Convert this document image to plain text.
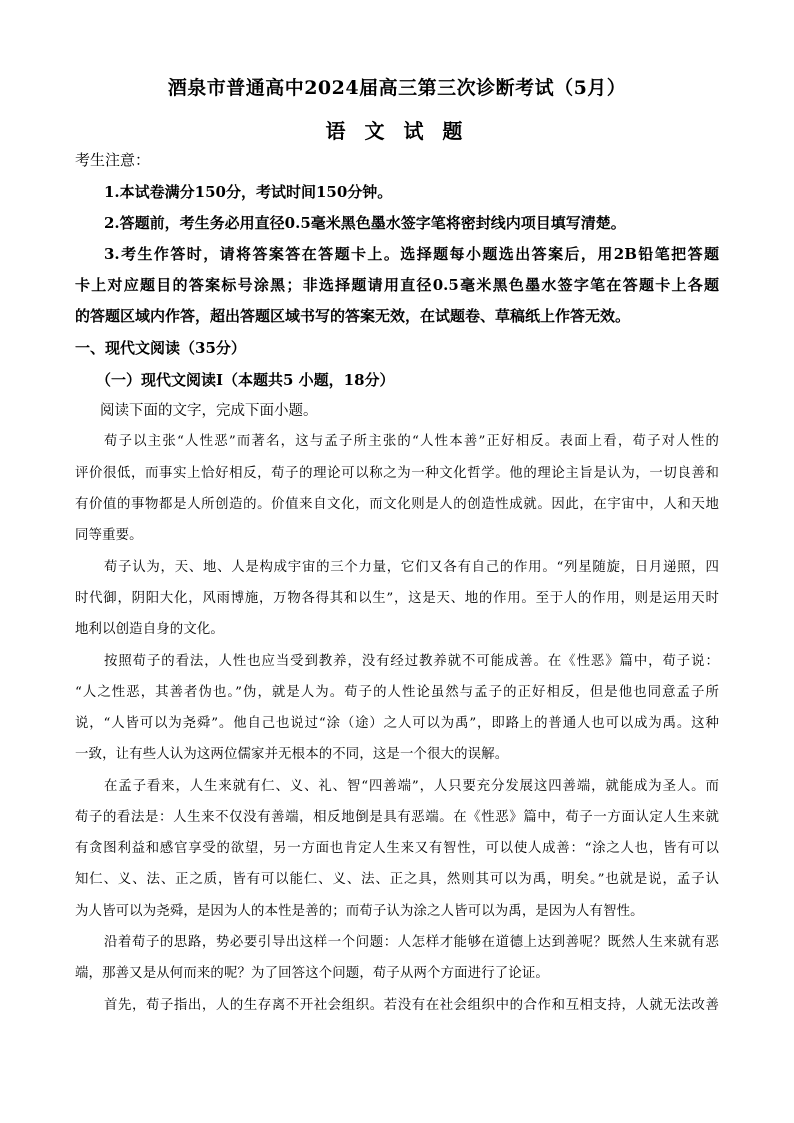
酒泉市普通高中2024届高三第三次诊断考试（5月）
语 文 试 题
考生注意：
1.本试卷满分150分，考试时间150分钟。
2.答题前，考生务必用直径0.5毫米黑色墨水签字笔将密封线内项目填写清楚。
3.考生作答时，请将答案答在答题卡上。选择题每小题选出答案后，用2B铅笔把答题
卡上对应题目的答案标号涂黑；非选择题请用直径0.5毫米黑色墨水签字笔在答题卡上各题
的答题区域内作答，超出答题区域书写的答案无效，在试题卷、草稿纸上作答无效。
一、现代文阅读（35分）
（一）现代文阅读Ⅰ（本题共5 小题，18分）
阅读下面的文字，完成下面小题。
荀子以主张“人性恶”而著名，这与孟子所主张的“人性本善”正好相反。表面上看，荀子对人性的
评价很低，而事实上恰好相反，荀子的理论可以称之为一种文化哲学。他的理论主旨是认为，一切良善和
有价值的事物都是人所创造的。价值来自文化，而文化则是人的创造性成就。因此，在宇宙中，人和天地
同等重要。
荀子认为，天、地、人是构成宇宙的三个力量，它们又各有自己的作用。“列星随旋，日月递照，四
时代御，阴阳大化，风雨博施，万物各得其和以生”，这是天、地的作用。至于人的作用，则是运用天时
地利以创造自身的文化。
按照荀子的看法，人性也应当受到教养，没有经过教养就不可能成善。在《性恶》篇中，荀子说：
“人之性恶，其善者伪也。”伪，就是人为。荀子的人性论虽然与孟子的正好相反，但是他也同意孟子所
说，“人皆可以为尧舜”。他自己也说过“涂（途）之人可以为禹”，即路上的普通人也可以成为禹。这种
一致，让有些人认为这两位儒家并无根本的不同，这是一个很大的误解。
在孟子看来，人生来就有仁、义、礼、智“四善端”，人只要充分发展这四善端，就能成为圣人。而
荀子的看法是：人生来不仅没有善端，相反地倒是具有恶端。在《性恶》篇中，荀子一方面认定人生来就
有贪图利益和感官享受的欲望，另一方面也肯定人生来又有智性，可以使人成善：“涂之人也，皆有可以
知仁、义、法、正之质，皆有可以能仁、义、法、正之具，然则其可以为禹，明矣。”也就是说，孟子认
为人皆可以为尧舜，是因为人的本性是善的；而荀子认为涂之人皆可以为禹，是因为人有智性。
沿着荀子的思路，势必要引导出这样一个问题：人怎样才能够在道德上达到善呢？既然人生来就有恶
端，那善又是从何而来的呢？为了回答这个问题，荀子从两个方面进行了论证。
首先，荀子指出，人的生存离不开社会组织。若没有在社会组织中的合作和互相支持，人就无法改善
